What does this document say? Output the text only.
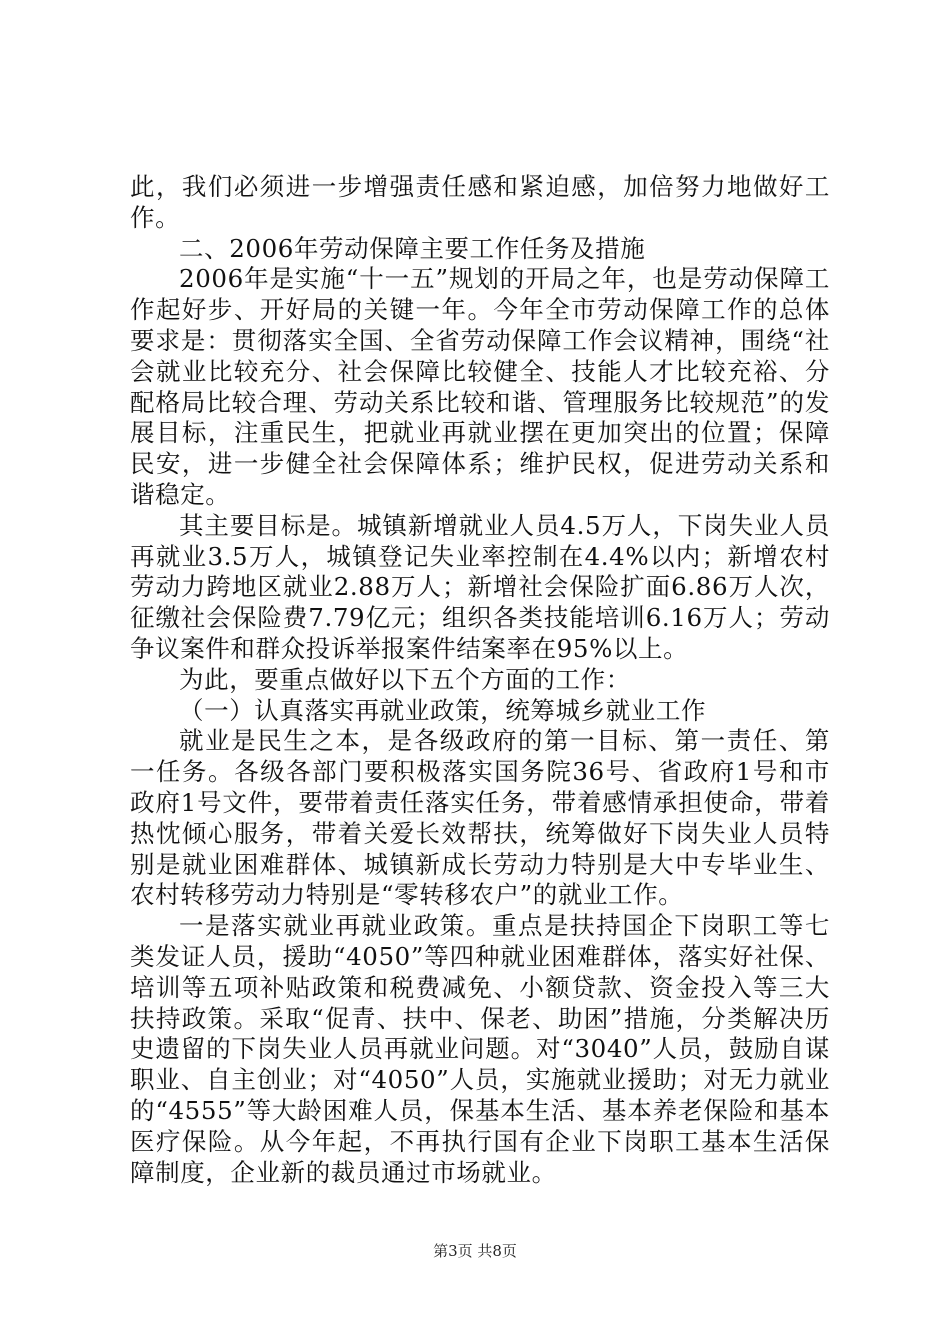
此，我们必须进一步增强责任感和紧迫感，加倍努力地做好工作。

二、2006年劳动保障主要工作任务及措施

2006年是实施“十一五”规划的开局之年，也是劳动保障工作起好步、开好局的关键一年。今年全市劳动保障工作的总体要求是：贯彻落实全国、全省劳动保障工作会议精神，围绕“社会就业比较充分、社会保障比较健全、技能人才比较充裕、分配格局比较合理、劳动关系比较和谐、管理服务比较规范”的发展目标，注重民生，把就业再就业摆在更加突出的位置；保障民安，进一步健全社会保障体系；维护民权，促进劳动关系和谐稳定。

其主要目标是。城镇新增就业人员4.5万人，下岗失业人员再就业3.5万人，城镇登记失业率控制在4.4%以内；新增农村劳动力跨地区就业2.88万人；新增社会保险扩面6.86万人次，征缴社会保险费7.79亿元；组织各类技能培训6.16万人；劳动争议案件和群众投诉举报案件结案率在95%以上。

为此，要重点做好以下五个方面的工作：

（一）认真落实再就业政策，统筹城乡就业工作

就业是民生之本，是各级政府的第一目标、第一责任、第一任务。各级各部门要积极落实国务院36号、省政府1号和市政府1号文件，要带着责任落实任务，带着感情承担使命，带着热忱倾心服务，带着关爱长效帮扶，统筹做好下岗失业人员特别是就业困难群体、城镇新成长劳动力特别是大中专毕业生、农村转移劳动力特别是“零转移农户”的就业工作。

一是落实就业再就业政策。重点是扶持国企下岗职工等七类发证人员，援助“4050”等四种就业困难群体，落实好社保、培训等五项补贴政策和税费减免、小额贷款、资金投入等三大扶持政策。采取“促青、扶中、保老、助困”措施，分类解决历史遗留的下岗失业人员再就业问题。对“3040”人员，鼓励自谋职业、自主创业；对“4050”人员，实施就业援助；对无力就业的“4555”等大龄困难人员，保基本生活、基本养老保险和基本医疗保险。从今年起，不再执行国有企业下岗职工基本生活保障制度，企业新的裁员通过市场就业。

第3页 共8页
